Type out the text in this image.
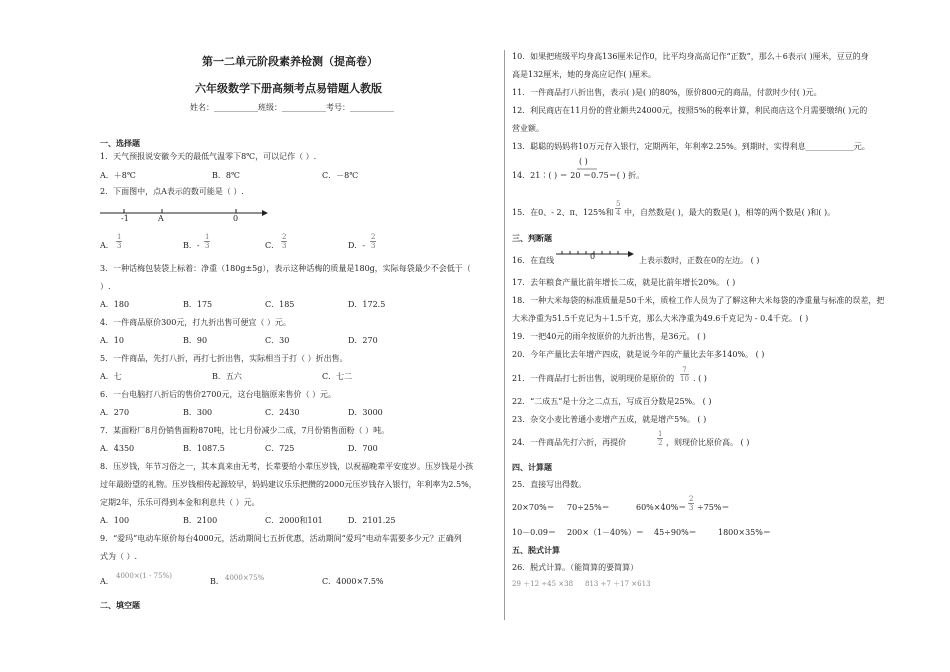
第一二单元阶段素养检测（提高卷）
六年级数学下册高频考点易错题人教版
姓名：___________班级：___________考号：___________
一、选择题
1．天气预报说安徽今天的最低气温零下8℃，可以记作（ ）.
A．＋8℃	B．8℃	C．－8℃
2．下面图中，点A表示的数可能是（ ）.
-1	A	0
A． $\frac{1}{3}$	B．- $\frac{1}{3}$	C． $\frac{2}{3}$	D．- $\frac{2}{3}$
3．一种话梅包装袋上标着：净重（180g±5g），表示这种话梅的质量是180g，实际每袋最少不会低于（
）.
A．180	B．175	C．185	D．172.5
4．一件商品原价300元，打九折出售可便宜（ ）元。
A．10	B．90	C．30	D．270
5．一件商品，先打八折，再打七折出售，实际相当于打（ ）折出售。
A．七	B．五六	C．七二
6．一台电脑打八折后的售价2700元，这台电脑原来售价（ ）元。
A．270	B．300	C．2430	D．3000
7．某面粉厂8月份销售面粉870吨，比七月份减少二成，7月份销售面粉（ ）吨。
A．4350	B．1087.5	C．725	D．700
8．压岁钱，年节习俗之一，其本真来由无考，长辈要给小辈压岁钱，以祝福晚辈平安度岁。压岁钱是小孩
过年最盼望的礼物。压岁钱相传起源较早，妈妈建议乐乐把攒的2000元压岁钱存入银行，年利率为2.5%，
定期2年，乐乐可得到本金和利息共（ ）元。
A．100	B．2100	C．2000和101	D．2101.25
9．“爱玛”电动车原价每台4000元，活动期间七五折优惠，活动期间“爱玛”电动车需要多少元？正确列
式为（ ）.
A．
4000×(1 - 75%)
B． 4000×75%	C．4000×7.5%
二、填空题
10．如果把班级平均身高136厘米记作0，比平均身高高记作“正数”，那么＋6表示( )厘米，豆豆的身
高是132厘米，她的身高应记作( )厘米。
11．一件商品打八折出售，表示( )是( )的80%，原价800元的商品，付款时少付( )元。
12．利民商店在11月份的营业额共24000元，按照5%的税率计算，利民商店这个月需要缴纳( )元的
营业额。
13．聪聪的妈妈将10万元存入银行，定期两年，年利率2.25%。到期时，实得利息____________元。
( )
14．21∶( ) ＝ 20 ＝0.75＝( ) 折。
15．在0、- 2、π、125%和 $\frac{5}{4}$ 中，自然数是( )，最大的数是( )，相等的两个数是( )和( )。
三、判断题
16．在直线	0	上表示数时，正数在0的左边。 ( )
17．去年粮食产量比前年增长二成，就是比前年增长20%。 ( )
18．一种大米每袋的标准质量是50千米，质检工作人员为了了解这种大米每袋的净重量与标准的误差，把
大米净重为51.5千克记为＋1.5千克，那么大米净重为49.6千克记为 - 0.4千克。 ( )
19．一把40元的雨伞按原价的九折出售，是36元。 ( )
20．今年产量比去年增产四成，就是说今年的产量比去年多140%。 ( )
21．一件商品打七折出售，说明现价是原价的 $\frac{7}{10}$ . ( )
22．“二成五”是十分之二点五，写成百分数是25%。 ( )
23．杂交小麦比普通小麦增产五成，就是增产5%。 ( )
24．一件商品先打六折，再提价	$\frac{1}{2}$ ，则现价比原价高。 ( )
四、计算题
25．直接写出得数。
20×70%＝ 70÷25%＝	$60\%\times 40\%= \frac{2}{3} \div 75\%=$
10－0.09＝ 200×（1－40%）＝ 45÷90%＝	1800×35%＝
五、脱式计算
26．脱式计算。（能简算的要简算）
29 ＋12 ÷45 ×38 813 ÷7 ＋17 ×613
